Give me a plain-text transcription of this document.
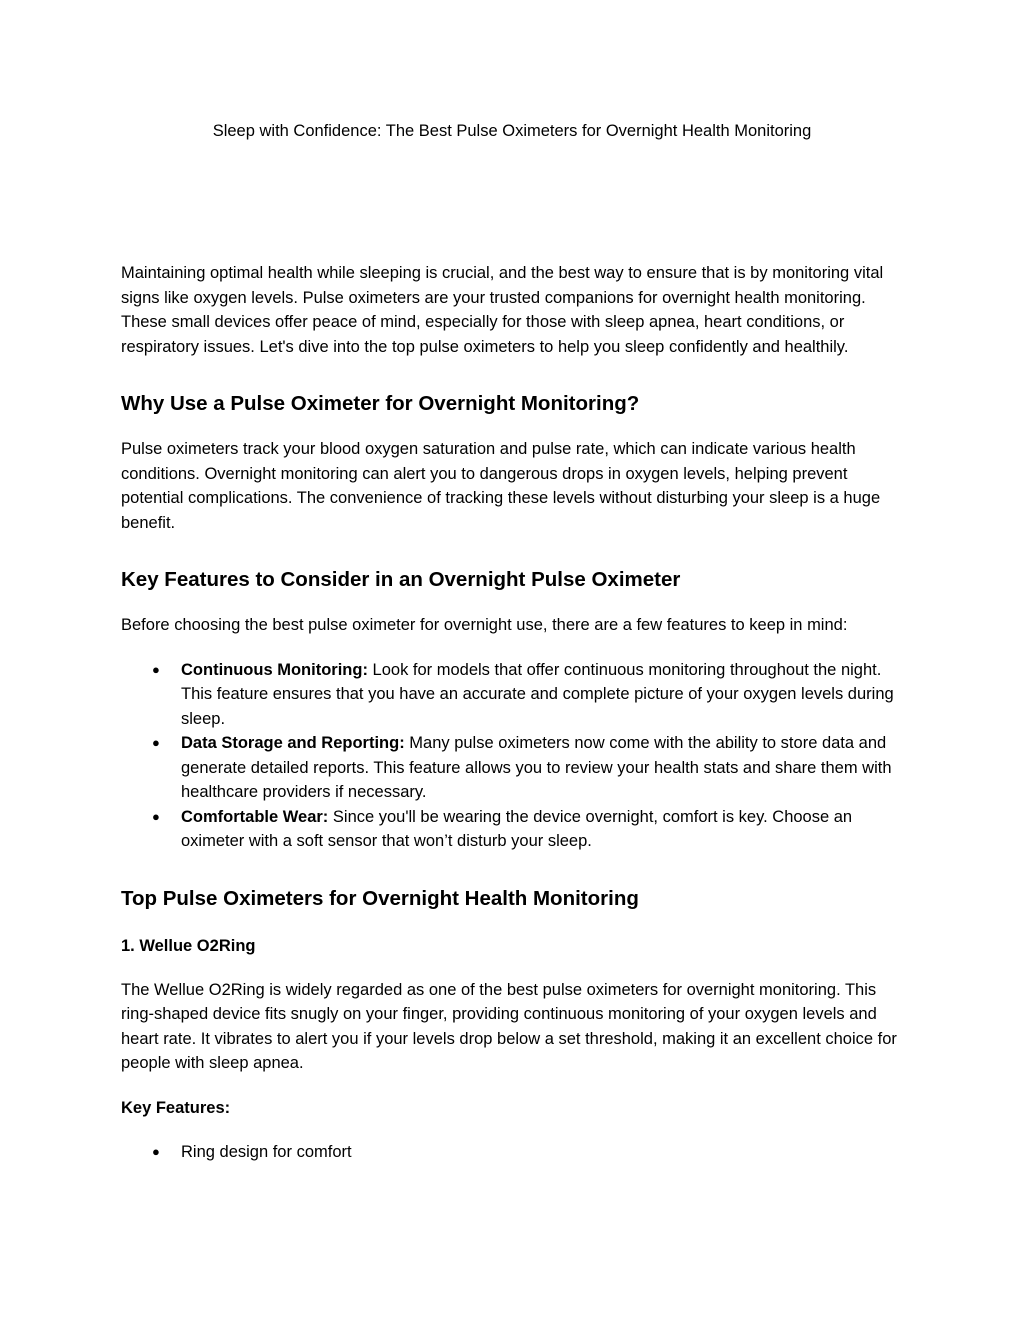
Sleep with Confidence: The Best Pulse Oximeters for Overnight Health Monitoring

Maintaining optimal health while sleeping is crucial, and the best way to ensure that is by monitoring vital signs like oxygen levels. Pulse oximeters are your trusted companions for overnight health monitoring. These small devices offer peace of mind, especially for those with sleep apnea, heart conditions, or respiratory issues. Let's dive into the top pulse oximeters to help you sleep confidently and healthily.

Why Use a Pulse Oximeter for Overnight Monitoring?

Pulse oximeters track your blood oxygen saturation and pulse rate, which can indicate various health conditions. Overnight monitoring can alert you to dangerous drops in oxygen levels, helping prevent potential complications. The convenience of tracking these levels without disturbing your sleep is a huge benefit.

Key Features to Consider in an Overnight Pulse Oximeter

Before choosing the best pulse oximeter for overnight use, there are a few features to keep in mind:

● Continuous Monitoring: Look for models that offer continuous monitoring throughout the night. This feature ensures that you have an accurate and complete picture of your oxygen levels during sleep.
● Data Storage and Reporting: Many pulse oximeters now come with the ability to store data and generate detailed reports. This feature allows you to review your health stats and share them with healthcare providers if necessary.
● Comfortable Wear: Since you'll be wearing the device overnight, comfort is key. Choose an oximeter with a soft sensor that won’t disturb your sleep.
Top Pulse Oximeters for Overnight Health Monitoring
1. Wellue O2Ring

The Wellue O2Ring is widely regarded as one of the best pulse oximeters for overnight monitoring. This ring-shaped device fits snugly on your finger, providing continuous monitoring of your oxygen levels and heart rate. It vibrates to alert you if your levels drop below a set threshold, making it an excellent choice for people with sleep apnea.

Key Features:
● Ring design for comfort
